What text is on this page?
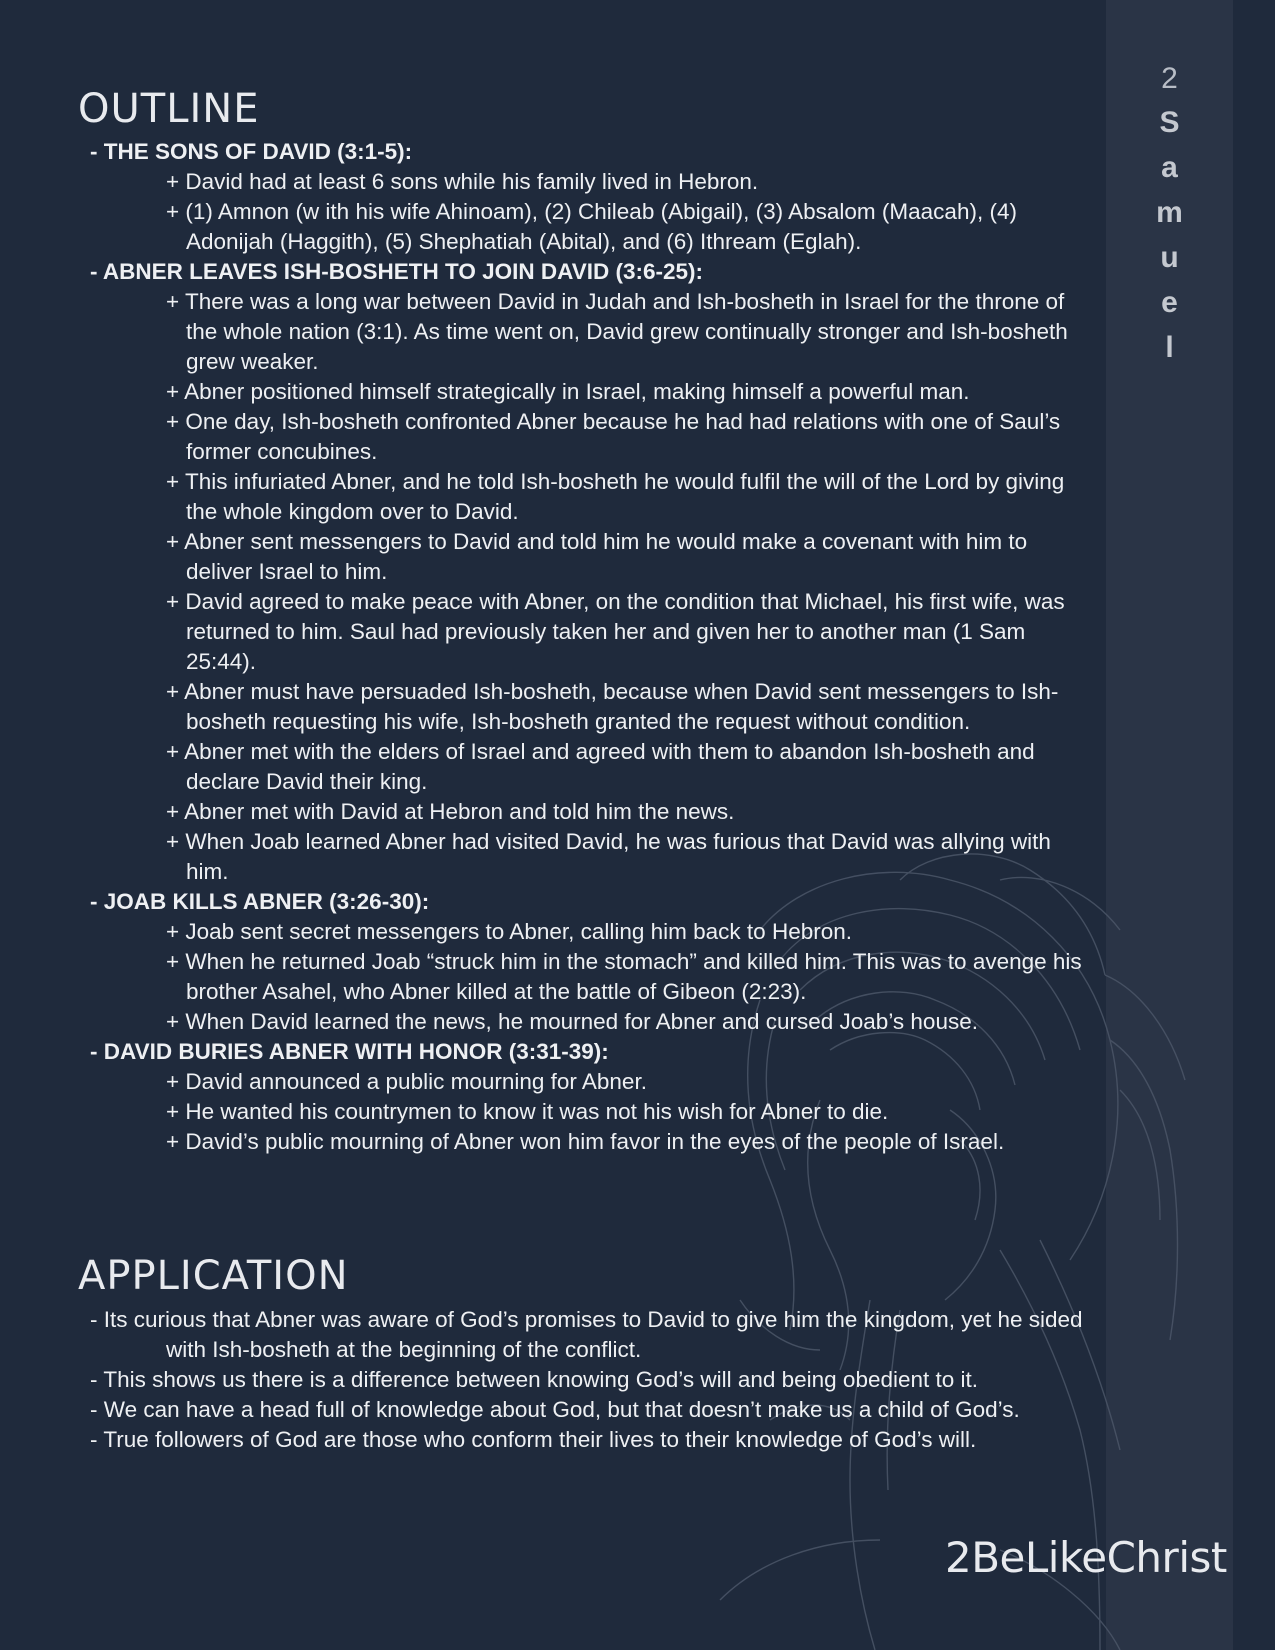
2
S
a
m
u
e
l
OUTLINE
- THE SONS OF DAVID (3:1-5):
+ David had at least 6 sons while his family lived in Hebron.
+ (1) Amnon (w ith his wife Ahinoam), (2) Chileab (Abigail), (3) Absalom (Maacah), (4) Adonijah (Haggith), (5) Shephatiah (Abital), and (6) Ithream (Eglah).
- ABNER LEAVES ISH-BOSHETH TO JOIN DAVID (3:6-25):
+ There was a long war between David in Judah and Ish-bosheth in Israel for the throne of the whole nation (3:1). As time went on, David grew continually stronger and Ish-bosheth grew weaker.
+ Abner positioned himself strategically in Israel, making himself a powerful man.
+ One day, Ish-bosheth confronted Abner because he had had relations with one of Saul’s former concubines.
+ This infuriated Abner, and he told Ish-bosheth he would fulfil the will of the Lord by giving the whole kingdom over to David.
+ Abner sent messengers to David and told him he would make a covenant with him to deliver Israel to him.
+ David agreed to make peace with Abner, on the condition that Michael, his first wife, was returned to him. Saul had previously taken her and given her to another man (1 Sam 25:44).
+ Abner must have persuaded Ish-bosheth, because when David sent messengers to Ish-bosheth requesting his wife, Ish-bosheth granted the request without condition.
+ Abner met with the elders of Israel and agreed with them to abandon Ish-bosheth and declare David their king.
+ Abner met with David at Hebron and told him the news.
+ When Joab learned Abner had visited David, he was furious that David was allying with him.
- JOAB KILLS ABNER (3:26-30):
+ Joab sent secret messengers to Abner, calling him back to Hebron.
+ When he returned Joab “struck him in the stomach” and killed him. This was to avenge his brother Asahel, who Abner killed at the battle of Gibeon (2:23).
+ When David learned the news, he mourned for Abner and cursed Joab’s house.
- DAVID BURIES ABNER WITH HONOR (3:31-39):
+ David announced a public mourning for Abner.
+ He wanted his countrymen to know it was not his wish for Abner to die.
+ David’s public mourning of Abner won him favor in the eyes of the people of Israel.
APPLICATION
- Its curious that Abner was aware of God’s promises to David to give him the kingdom, yet he sided with Ish-bosheth at the beginning of the conflict.
- This shows us there is a difference between knowing God’s will and being obedient to it.
- We can have a head full of knowledge about God, but that doesn’t make us a child of God’s.
- True followers of God are those who conform their lives to their knowledge of God’s will.
2BeLikeChrist
